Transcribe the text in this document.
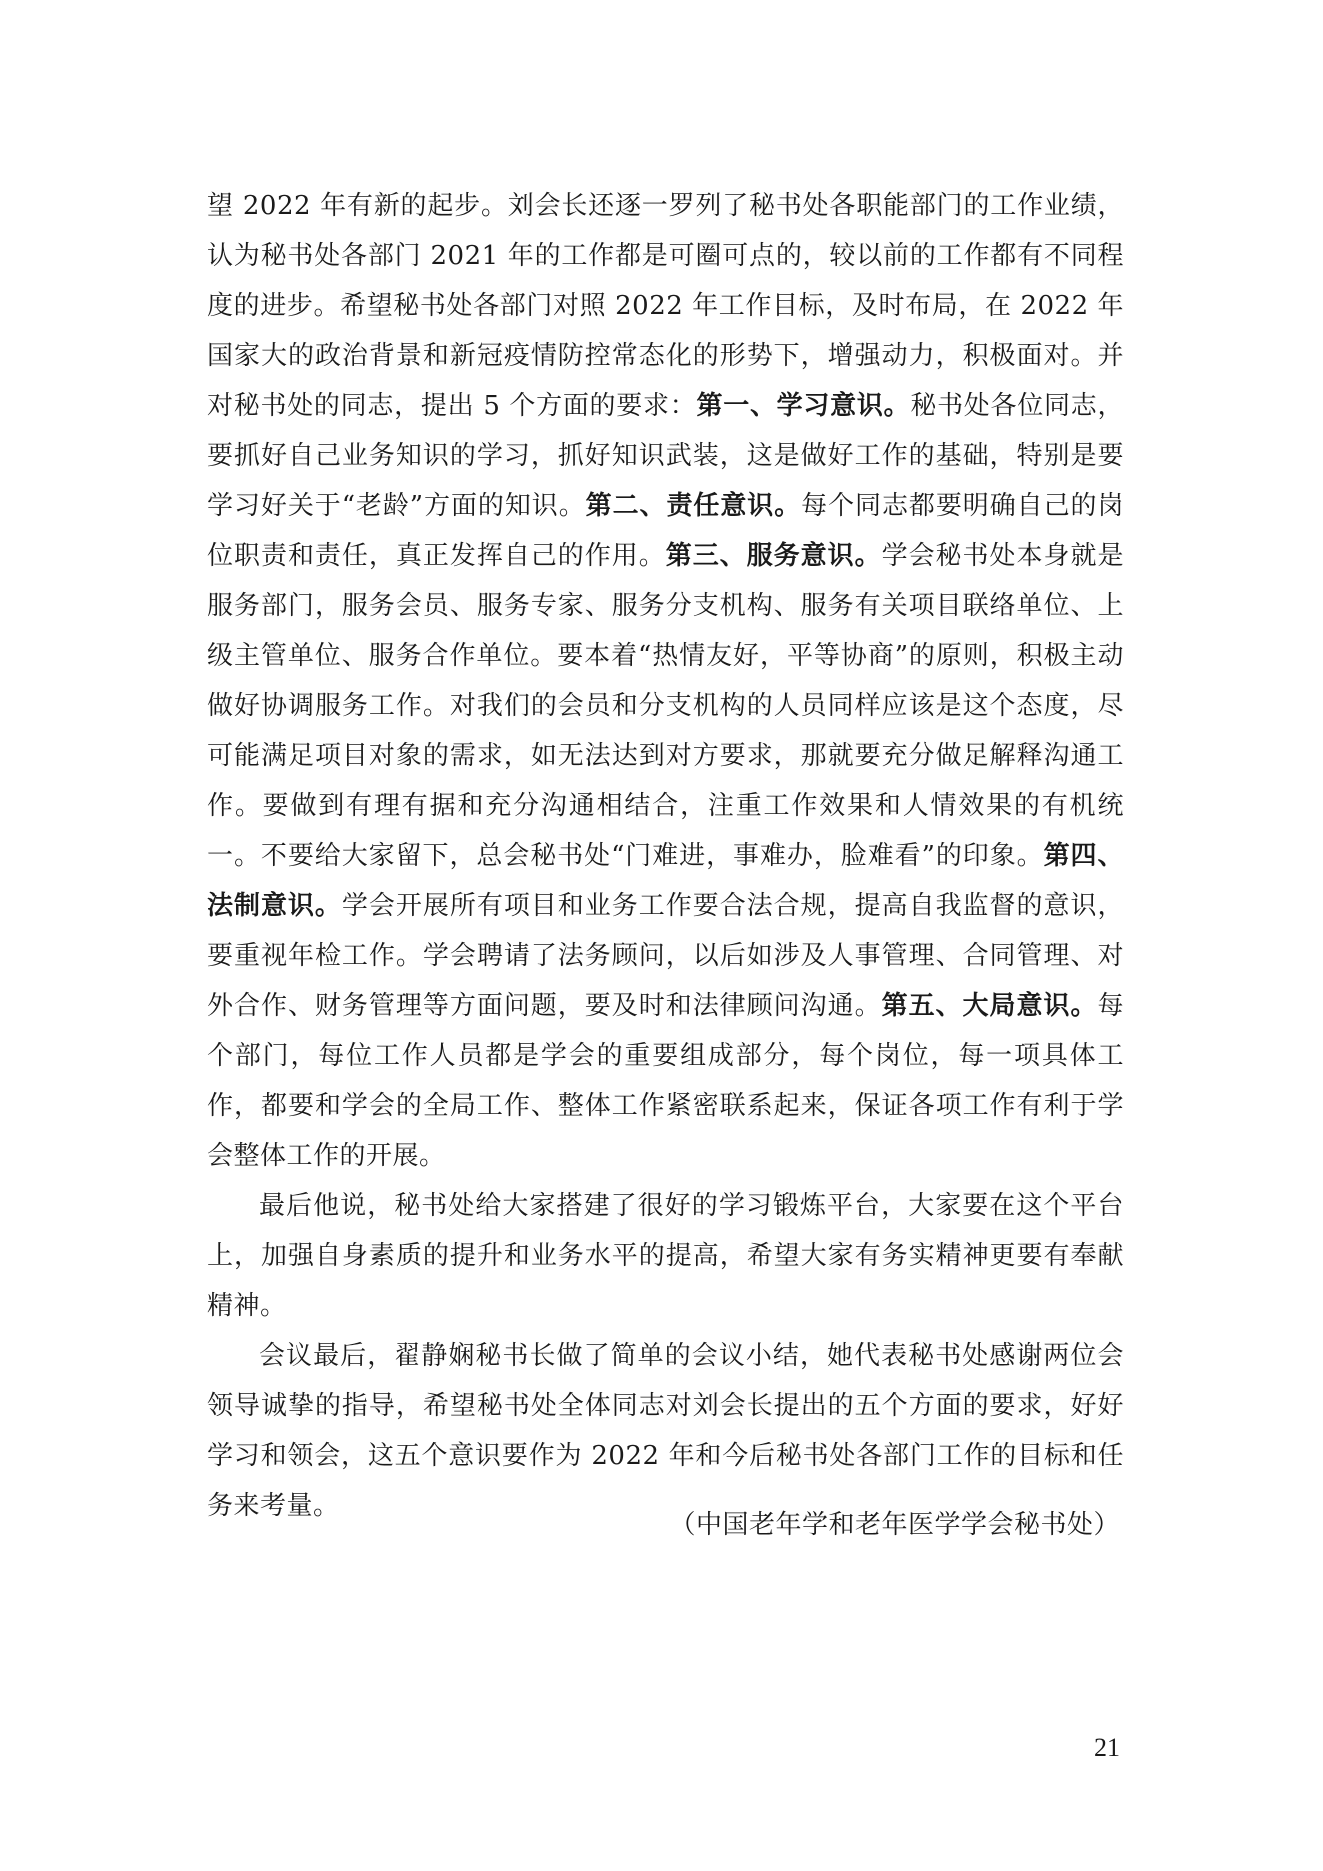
望 2022 年有新的起步。刘会长还逐一罗列了秘书处各职能部门的工作业绩，认为秘书处各部门 2021 年的工作都是可圈可点的，较以前的工作都有不同程度的进步。希望秘书处各部门对照 2022 年工作目标，及时布局，在 2022 年国家大的政治背景和新冠疫情防控常态化的形势下，增强动力，积极面对。并对秘书处的同志，提出 5 个方面的要求：第一、学习意识。秘书处各位同志，要抓好自己业务知识的学习，抓好知识武装，这是做好工作的基础，特别是要学习好关于“老龄”方面的知识。第二、责任意识。每个同志都要明确自己的岗位职责和责任，真正发挥自己的作用。第三、服务意识。学会秘书处本身就是服务部门，服务会员、服务专家、服务分支机构、服务有关项目联络单位、上级主管单位、服务合作单位。要本着“热情友好，平等协商”的原则，积极主动做好协调服务工作。对我们的会员和分支机构的人员同样应该是这个态度，尽可能满足项目对象的需求，如无法达到对方要求，那就要充分做足解释沟通工作。要做到有理有据和充分沟通相结合，注重工作效果和人情效果的有机统一。不要给大家留下，总会秘书处“门难进，事难办，脸难看”的印象。第四、法制意识。学会开展所有项目和业务工作要合法合规，提高自我监督的意识，要重视年检工作。学会聘请了法务顾问，以后如涉及人事管理、合同管理、对外合作、财务管理等方面问题，要及时和法律顾问沟通。第五、大局意识。每个部门，每位工作人员都是学会的重要组成部分，每个岗位，每一项具体工作，都要和学会的全局工作、整体工作紧密联系起来，保证各项工作有利于学会整体工作的开展。

最后他说，秘书处给大家搭建了很好的学习锻炼平台，大家要在这个平台上，加强自身素质的提升和业务水平的提高，希望大家有务实精神更要有奉献精神。

会议最后，翟静娴秘书长做了简单的会议小结，她代表秘书处感谢两位会领导诚挚的指导，希望秘书处全体同志对刘会长提出的五个方面的要求，好好学习和领会，这五个意识要作为 2022 年和今后秘书处各部门工作的目标和任务来考量。

（中国老年学和老年医学学会秘书处）
21
